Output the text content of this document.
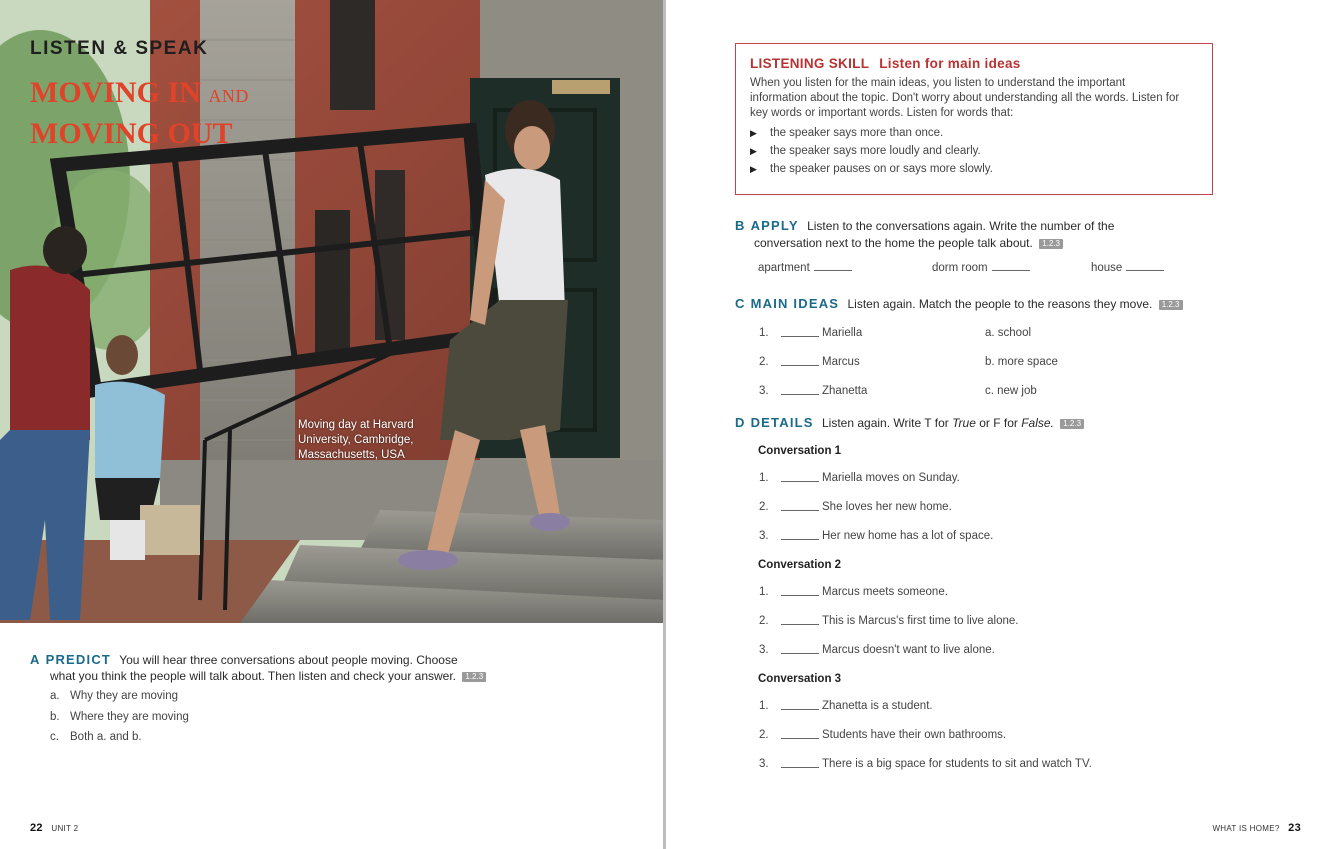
LISTEN & SPEAK
MOVING IN AND
MOVING OUT
Moving day at Harvard University, Cambridge, Massachusetts, USA
A PREDICT You will hear three conversations about people moving. Choose
what you think the people will talk about. Then listen and check your answer. 1.2.3
a. Why they are moving
b. Where they are moving
c. Both a. and b.
22 UNIT 2
LISTENING SKILL Listen for main ideas
When you listen for the main ideas, you listen to understand the important information about the topic. Don't worry about understanding all the words. Listen for key words or important words. Listen for words that:
▶ the speaker says more than once.
▶ the speaker says more loudly and clearly.
▶ the speaker pauses on or says more slowly.
B APPLY Listen to the conversations again. Write the number of the
conversation next to the home the people talk about. 1.2.3
apartment	dorm room	house
C MAIN IDEAS Listen again. Match the people to the reasons they move. 1.2.3
1.	Mariella	a. school
2.	Marcus	b. more space
3.	Zhanetta	c. new job
D DETAILS Listen again. Write T for True or F for False. 1.2.3
Conversation 1
1.	Mariella moves on Sunday.
2.	She loves her new home.
3.	Her new home has a lot of space.
Conversation 2
1.	Marcus meets someone.
2.	This is Marcus's first time to live alone.
3.	Marcus doesn't want to live alone.
Conversation 3
1.	Zhanetta is a student.
2.	Students have their own bathrooms.
3.	There is a big space for students to sit and watch TV.
WHAT IS HOME? 23
